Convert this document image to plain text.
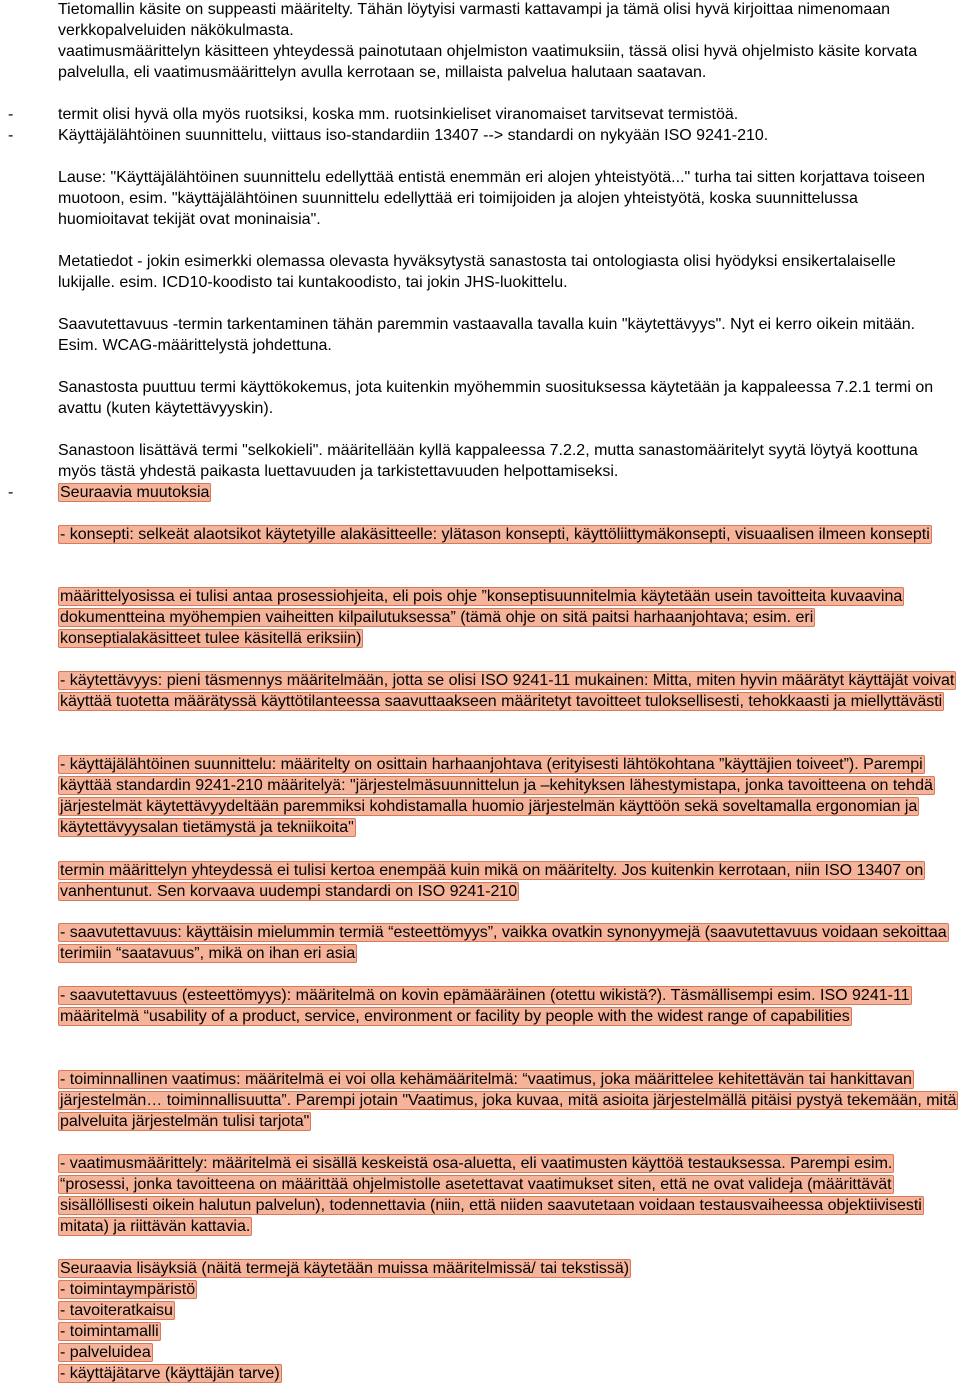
Tietomallin käsite on suppeasti määritelty. Tähän löytyisi varmasti kattavampi ja tämä olisi hyvä kirjoittaa nimenomaan verkkopalveluiden näkökulmasta.

vaatimusmäärittelyn käsitteen yhteydessä painotutaan ohjelmiston vaatimuksiin, tässä olisi hyvä ohjelmisto käsite korvata palvelulla, eli vaatimusmäärittelyn avulla kerrotaan se, millaista palvelua halutaan saatavan.

-	termit olisi hyvä olla myös ruotsiksi, koska mm. ruotsinkieliset viranomaiset tarvitsevat termistöä.

-	Käyttäjälähtöinen suunnittelu, viittaus iso-standardiin 13407 --> standardi on nykyään ISO 9241-210.

Lause: "Käyttäjälähtöinen suunnittelu edellyttää entistä enemmän eri alojen yhteistyötä..." turha tai sitten korjattava toiseen muotoon, esim. "käyttäjälähtöinen suunnittelu edellyttää eri toimijoiden ja alojen yhteistyötä, koska suunnittelussa huomioitavat tekijät ovat moninaisia".

Metatiedot - jokin esimerkki olemassa olevasta hyväksytystä sanastosta tai ontologiasta olisi hyödyksi ensikertalaiselle lukijalle. esim. ICD10-koodisto tai kuntakoodisto, tai jokin JHS-luokittelu.

Saavutettavuus -termin tarkentaminen tähän paremmin vastaavalla tavalla kuin "käytettävyys". Nyt ei kerro oikein mitään. Esim. WCAG-määrittelystä johdettuna.

Sanastosta puuttuu termi käyttökokemus, jota kuitenkin myöhemmin suosituksessa käytetään ja kappaleessa 7.2.1 termi on avattu (kuten käytettävyyskin).

Sanastoon lisättävä termi "selkokieli". määritellään kyllä kappaleessa 7.2.2, mutta sanastomääritelyt syytä löytyä koottuna myös tästä yhdestä paikasta luettavuuden ja tarkistettavuuden helpottamiseksi.

-	Seuraavia muutoksia

- konsepti: selkeät alaotsikot käytetyille alakäsitteelle: ylätason konsepti, käyttöliittymäkonsepti, visuaalisen ilmeen konsepti

määrittelyosissa ei tulisi antaa prosessiohjeita, eli pois ohje ”konseptisuunnitelmia käytetään usein tavoitteita kuvaavina dokumentteina myöhempien vaiheitten kilpailutuksessa” (tämä ohje on sitä paitsi harhaanjohtava; esim. eri konseptialakäsitteet tulee käsitellä eriksiin)

- käytettävyys: pieni täsmennys määritelmään, jotta se olisi ISO 9241-11 mukainen: Mitta, miten hyvin määrätyt käyttäjät voivat käyttää tuotetta määrätyssä käyttötilanteessa saavuttaakseen määritetyt tavoitteet tuloksellisesti, tehokkaasti ja miellyttävästi

- käyttäjälähtöinen suunnittelu: määritelty on osittain harhaanjohtava (erityisesti lähtökohtana ”käyttäjien toiveet”). Parempi käyttää standardin 9241-210 määritelyä: "järjestelmäsuunnittelun ja –kehityksen lähestymistapa, jonka tavoitteena on tehdä järjestelmät käytettävyydeltään paremmiksi kohdistamalla huomio järjestelmän käyttöön sekä soveltamalla ergonomian ja käytettävyysalan tietämystä ja tekniikoita"

termin määrittelyn yhteydessä ei tulisi kertoa enempää kuin mikä on määritelty. Jos kuitenkin kerrotaan, niin ISO 13407 on vanhentunut. Sen korvaava uudempi standardi on ISO 9241-210

- saavutettavuus: käyttäisin mielummin termiä “esteettömyys”, vaikka ovatkin synonyymejä (saavutettavuus voidaan sekoittaa terimiin “saatavuus”, mikä on ihan eri asia

- saavutettavuus (esteettömyys): määritelmä on kovin epämääräinen (otettu wikistä?). Täsmällisempi esim. ISO 9241-11 määritelmä “usability of a product, service, environment or facility by people with the widest range of capabilities

- toiminnallinen vaatimus: määritelmä ei voi olla kehämääritelmä: “vaatimus, joka määrittelee kehitettävän tai hankittavan järjestelmän… toiminnallisuutta”. Parempi jotain "Vaatimus, joka kuvaa, mitä asioita järjestelmällä pitäisi pystyä tekemään, mitä palveluita järjestelmän tulisi tarjota"

- vaatimusmäärittely: määritelmä ei sisällä keskeistä osa-aluetta, eli vaatimusten käyttöä testauksessa. Parempi esim. “prosessi, jonka tavoitteena on määrittää ohjelmistolle asetettavat vaatimukset siten, että ne ovat valideja (määrittävät sisällöllisesti oikein halutun palvelun), todennettavia (niin, että niiden saavutetaan voidaan testausvaiheessa objektiivisesti mitata) ja riittävän kattavia.

Seuraavia lisäyksiä (näitä termejä käytetään muissa määritelmissä/ tai tekstissä)

- toimintaympäristö

- tavoiteratkaisu

- toimintamalli

- palveluidea

- käyttäjätarve (käyttäjän tarve)
